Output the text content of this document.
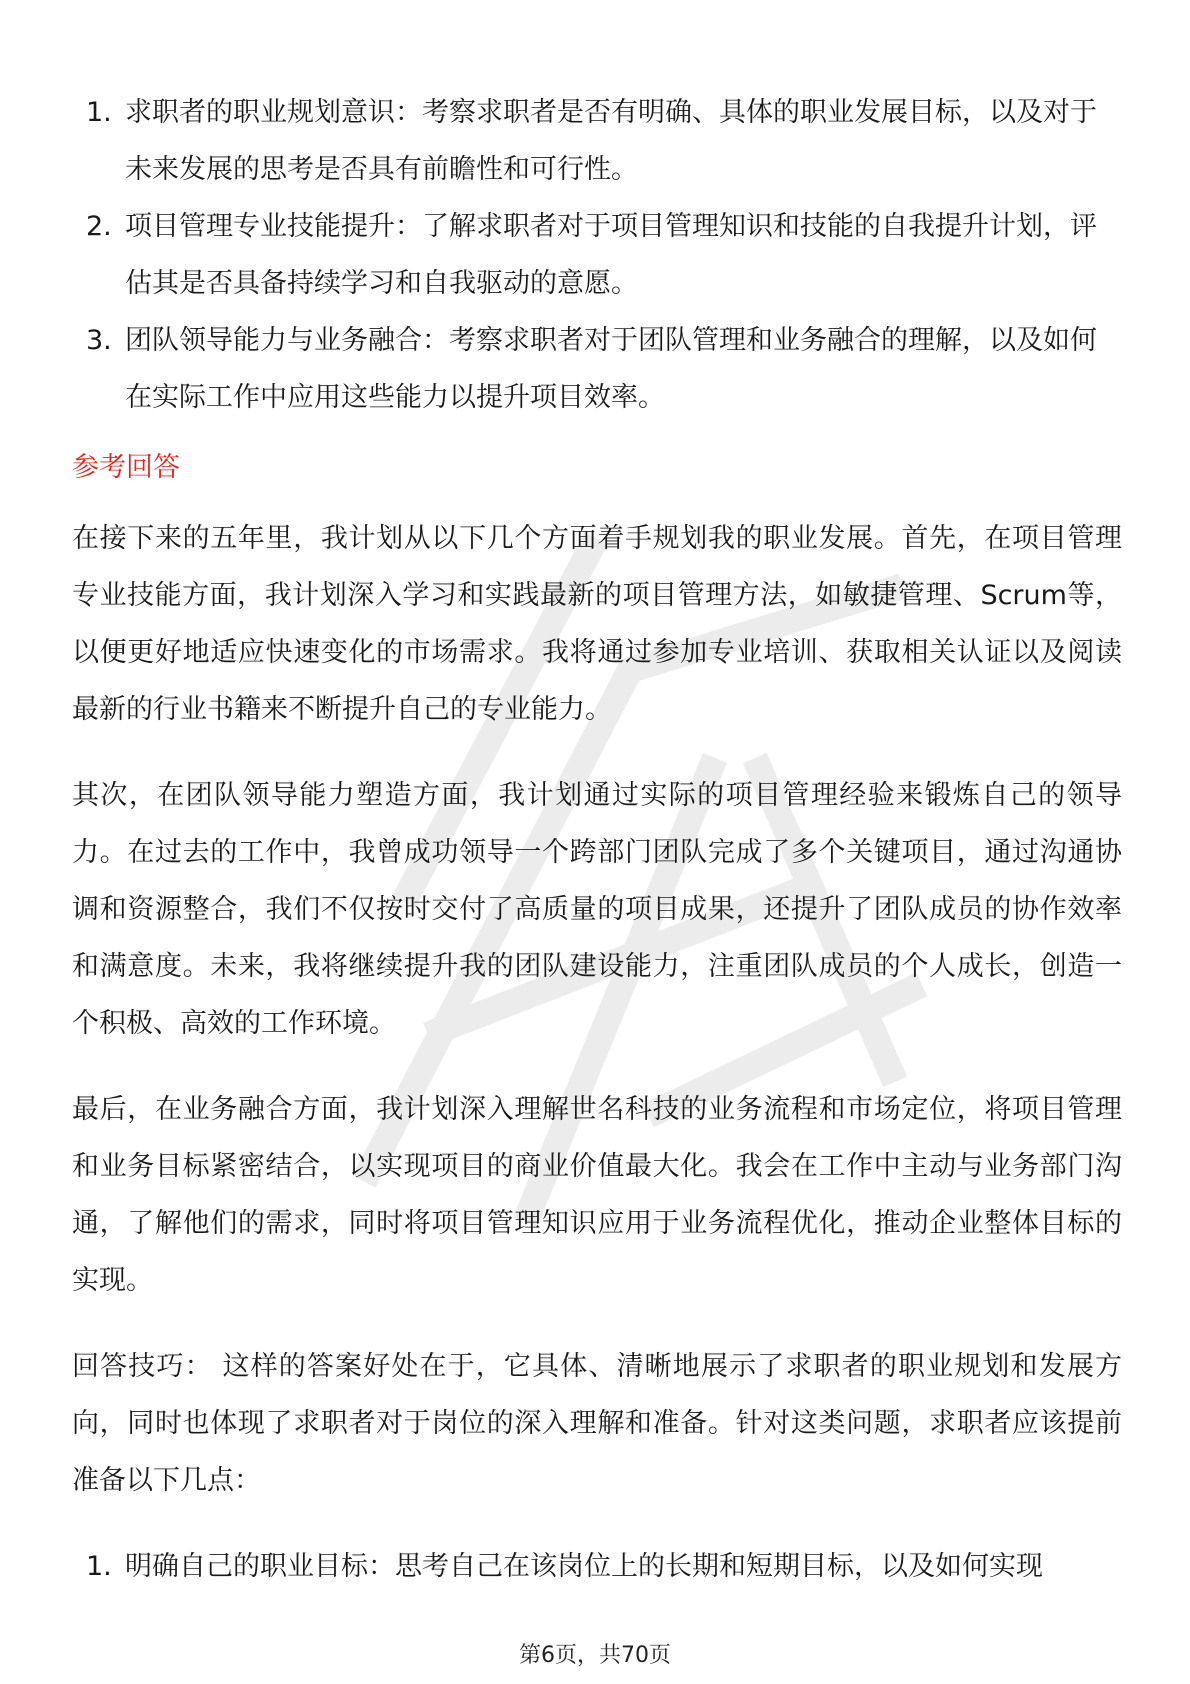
1. 求职者的职业规划意识：考察求职者是否有明确、具体的职业发展目标，以及对于未来发展的思考是否具有前瞻性和可行性。
2. 项目管理专业技能提升：了解求职者对于项目管理知识和技能的自我提升计划，评估其是否具备持续学习和自我驱动的意愿。
3. 团队领导能力与业务融合：考察求职者对于团队管理和业务融合的理解，以及如何在实际工作中应用这些能力以提升项目效率。
参考回答

在接下来的五年里，我计划从以下几个方面着手规划我的职业发展。首先，在项目管理专业技能方面，我计划深入学习和实践最新的项目管理方法，如敏捷管理、Scrum等，以便更好地适应快速变化的市场需求。我将通过参加专业培训、获取相关认证以及阅读最新的行业书籍来不断提升自己的专业能力。

其次，在团队领导能力塑造方面，我计划通过实际的项目管理经验来锻炼自己的领导力。在过去的工作中，我曾成功领导一个跨部门团队完成了多个关键项目，通过沟通协调和资源整合，我们不仅按时交付了高质量的项目成果，还提升了团队成员的协作效率和满意度。未来，我将继续提升我的团队建设能力，注重团队成员的个人成长，创造一个积极、高效的工作环境。

最后，在业务融合方面，我计划深入理解世名科技的业务流程和市场定位，将项目管理和业务目标紧密结合，以实现项目的商业价值最大化。我会在工作中主动与业务部门沟通，了解他们的需求，同时将项目管理知识应用于业务流程优化，推动企业整体目标的实现。

回答技巧： 这样的答案好处在于，它具体、清晰地展示了求职者的职业规划和发展方向，同时也体现了求职者对于岗位的深入理解和准备。针对这类问题，求职者应该提前准备以下几点：

1. 明确自己的职业目标：思考自己在该岗位上的长期和短期目标，以及如何实现
第6页，共70页
